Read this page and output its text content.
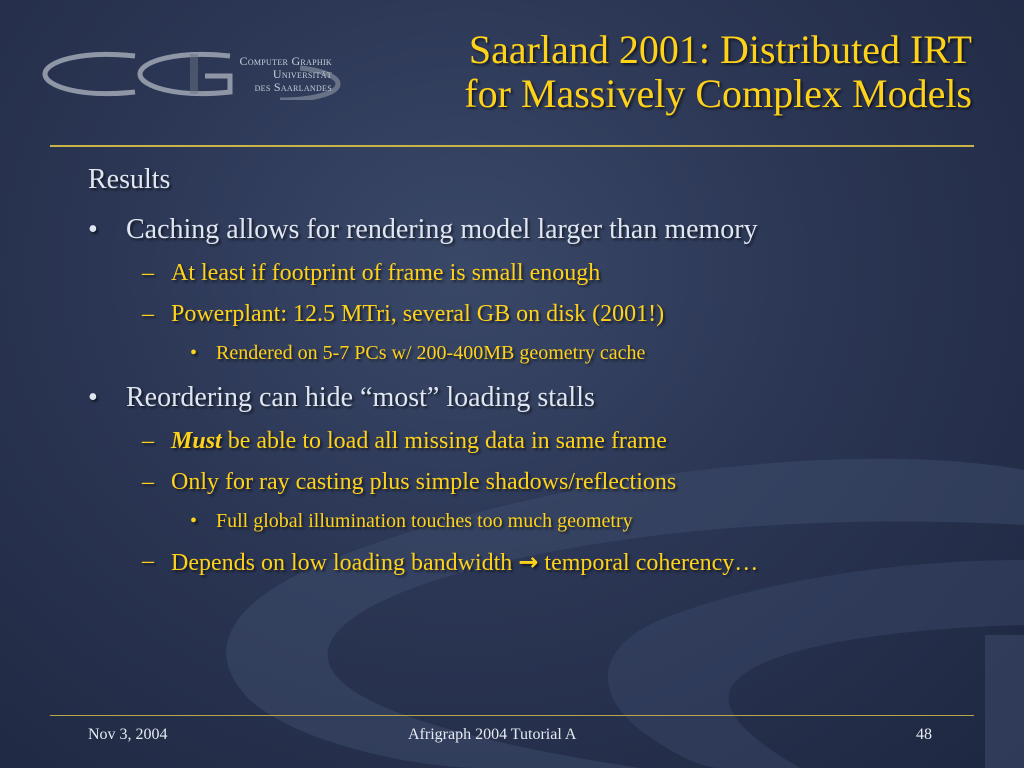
Computer Graphik
Universität
des Saarlandes
Saarland 2001: Distributed IRT
for Massively Complex Models
Results
• Caching allows for rendering model larger than memory
– At least if footprint of frame is small enough
– Powerplant: 12.5 MTri, several GB on disk (2001!)
• Rendered on 5-7 PCs w/ 200-400MB geometry cache
• Reordering can hide “most” loading stalls
– Must be able to load all missing data in same frame
– Only for ray casting plus simple shadows/reflections
• Full global illumination touches too much geometry
– Depends on low loading bandwidth → temporal coherency…
Nov 3, 2004	Afrigraph 2004 Tutorial A	48
